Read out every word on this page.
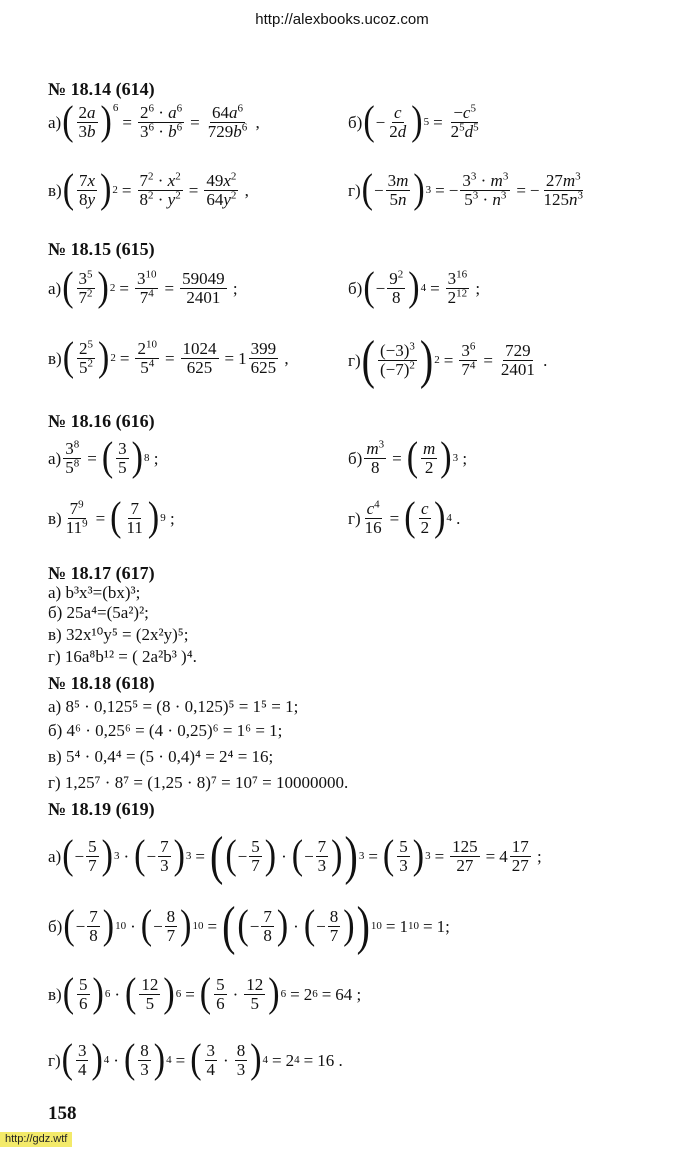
http://alexbooks.ucoz.com
№ 18.14 (614)
а) ( 2a
3b ) 6
= $\frac{2^6 \cdot a^6}{3^6 \cdot b^6} = \frac{64a^6}{729b^6}$ ,	б) ( −
c
2d ) $5 = \frac{-c^5}{2^5d^5}$
в) ( 7x
8y ) $2 = \frac{7^2 \cdot x^2}{8^2 \cdot y^2} = \frac{49x^2}{64y^2}$ ,	г) ( −
3m
5n ) 3 = − $\frac{3^3 \cdot m^3}{5^3 \cdot n^3}$ = − $\frac{27m^3}{125n^3}$
№ 18.15 (615)
а) ( $3^5$
$7^2$ ) $2 = \frac{3^{10}}{7^4} = \frac{59049}{2401}$ ;	б) ( −
$9^2$
8 ) $4 = \frac{3^{16}}{2^{12}}$ ;
в) ( $2^5$
$5^2$ ) $2 = \frac{2^{10}}{5^4} = \frac{1024}{625} = 1 \frac{399}{625}$ ,	г) ( $(-3)^3$
$(-7)^2$ ) $2 = \frac{3^6}{7^4} = \frac{729}{2401}$ .
№ 18.16 (616)
$а) \frac{3^8}{5^8}$ = ( 3
5 ) 8 ;	$б) \frac{m^3}{8}$ = ( m
2 ) 3 ;
$в) \frac{7^9}{11^9}$ = ( 7
11 ) 9 ;	$г) \frac{c^4}{16}$ = ( c
2 ) 4 .
№ 18.17 (617)
а) b³x³=(bx)³;
б) 25a⁴=(5a²)²;
в) 32x¹⁰y⁵ = (2x²y)⁵;
г) 16a⁸b¹² = ( 2a²b³ )⁴.
№ 18.18 (618)
а) 8⁵ · 0,125⁵ = (8 · 0,125)⁵ = 1⁵ = 1;
б) 4⁶ · 0,25⁶ = (4 · 0,25)⁶ = 1⁶ = 1;
в) 5⁴ · 0,4⁴ = (5 · 0,4)⁴ = 2⁴ = 16;
г) 1,25⁷ · 8⁷ = (1,25 · 8)⁷ = 10⁷ = 10000000.
№ 18.19 (619)
а) ( −
5
7 ) 3 · ( −
7
3 ) 3 = ( ( −
5
7 ) · ( −
7
3 ) ) 3 = ( 5
3 ) $3 = \frac{125}{27} = 4 \frac{17}{27}$ ;
б) ( −
7
8 ) 10 · ( −
8
7 ) 10 = ( ( −
7
8 ) · ( −
8
7 ) ) 10 = 1 10 = 1;
в) ( 5
6 ) 6 · ( 12
5 ) 6 = ( 5
6 ·
12
5 ) 6 = 2 6 = 64 ;
г) ( 3
4 ) 4 · ( 8
3 ) 4 = ( 3
4 ·
8
3 ) 4 = 2 4 = 16 .
158
http://gdz.wtf
